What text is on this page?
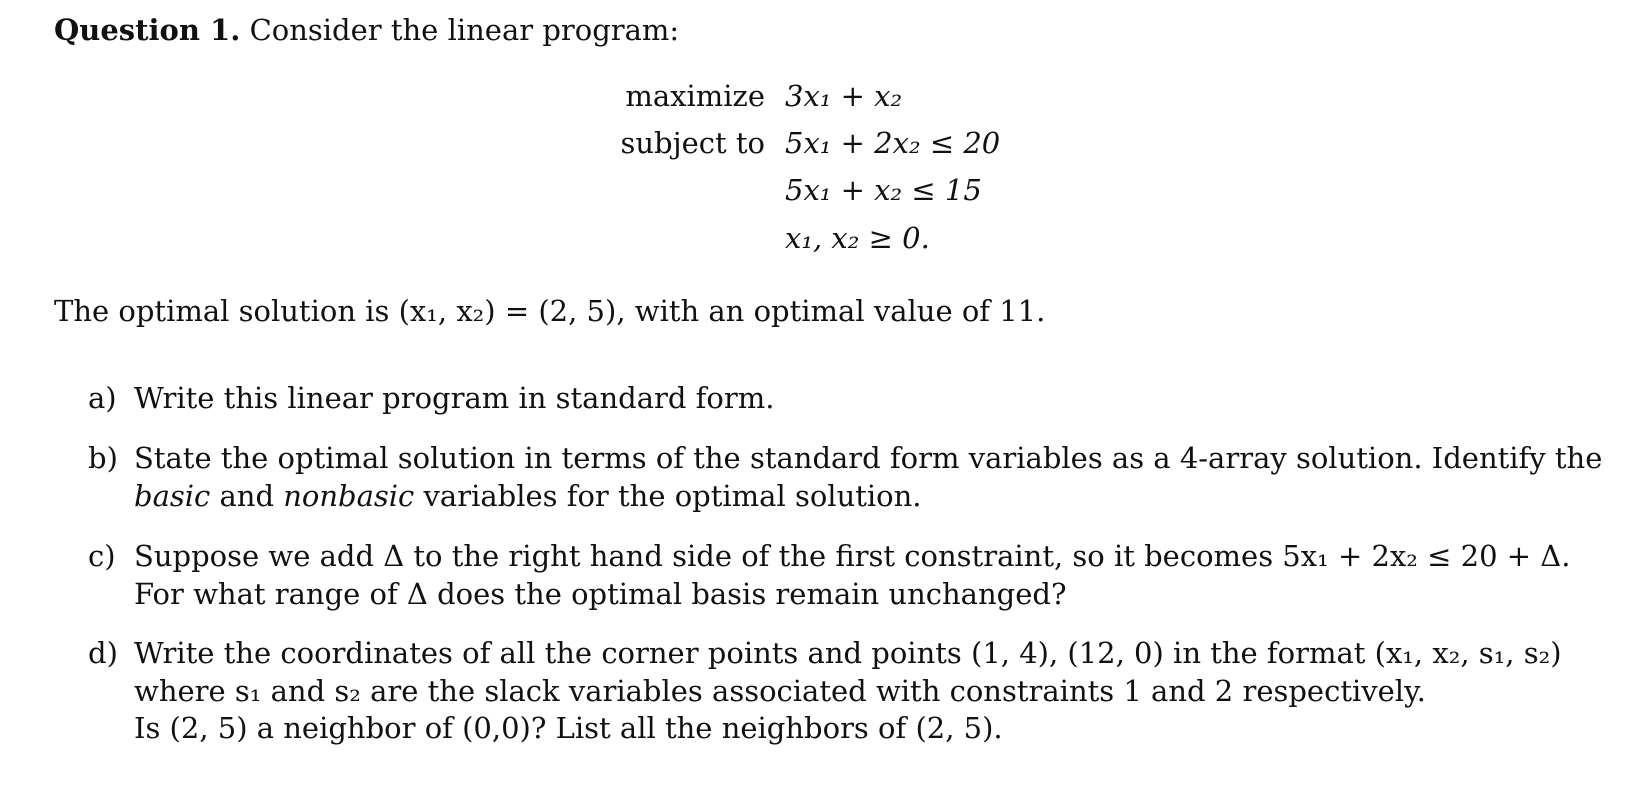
Question 1. Consider the linear program:
maximize 3x₁ + x₂
subject to 5x₁ + 2x₂ ≤ 20
5x₁ + x₂ ≤ 15
x₁, x₂ ≥ 0.
The optimal solution is (x₁, x₂) = (2, 5), with an optimal value of 11.
a) Write this linear program in standard form.

b) State the optimal solution in terms of the standard form variables as a 4-array solution. Identify the

basic and nonbasic variables for the optimal solution.

c) Suppose we add Δ to the right hand side of the first constraint, so it becomes 5x₁ + 2x₂ ≤ 20 + Δ.

For what range of Δ does the optimal basis remain unchanged?

d) Write the coordinates of all the corner points and points (1, 4), (12, 0) in the format (x₁, x₂, s₁, s₂)

where s₁ and s₂ are the slack variables associated with constraints 1 and 2 respectively.

Is (2, 5) a neighbor of (0,0)? List all the neighbors of (2, 5).
